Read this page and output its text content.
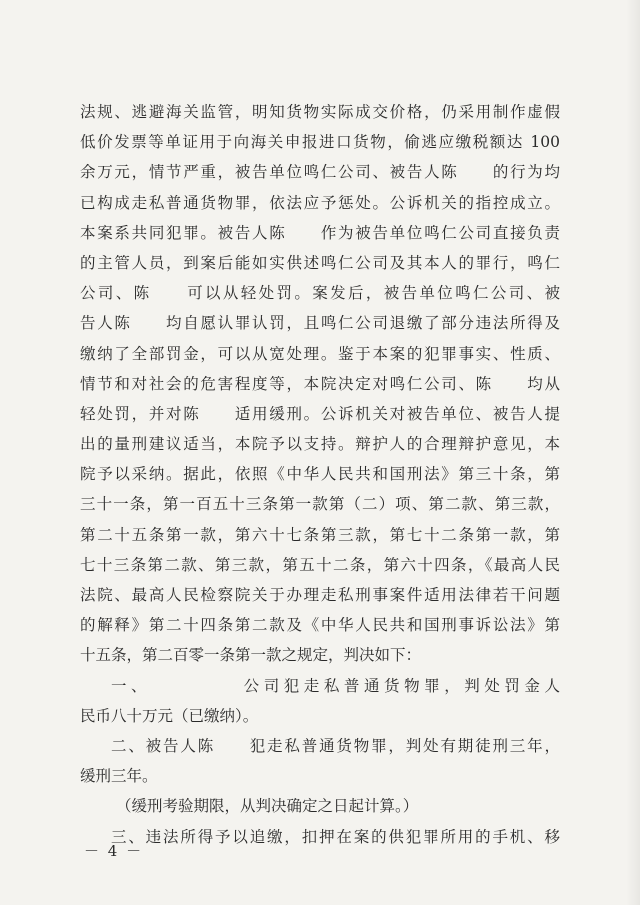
法规、逃避海关监管，明知货物实际成交价格，仍采用制作虚假
低价发票等单证用于向海关申报进口货物，偷逃应缴税额达 100
余万元，情节严重，被告单位鸣仁公司、被告人陈　　的行为均
已构成走私普通货物罪，依法应予惩处。公诉机关的指控成立。
本案系共同犯罪。被告人陈　　作为被告单位鸣仁公司直接负责
的主管人员，到案后能如实供述鸣仁公司及其本人的罪行，鸣仁
公司、陈　　可以从轻处罚。案发后，被告单位鸣仁公司、被
告人陈　　均自愿认罪认罚，且鸣仁公司退缴了部分违法所得及
缴纳了全部罚金，可以从宽处理。鉴于本案的犯罪事实、性质、
情节和对社会的危害程度等，本院决定对鸣仁公司、陈　　均从
轻处罚，并对陈　　适用缓刑。公诉机关对被告单位、被告人提
出的量刑建议适当，本院予以支持。辩护人的合理辩护意见，本
院予以采纳。据此，依照《中华人民共和国刑法》第三十条，第
三十一条，第一百五十三条第一款第（二）项、第二款、第三款，
第二十五条第一款，第六十七条第三款，第七十二条第一款，第
七十三条第二款、第三款，第五十二条，第六十四条，《最高人民
法院、最高人民检察院关于办理走私刑事案件适用法律若干问题
的解释》第二十四条第二款及《中华人民共和国刑事诉讼法》第
十五条，第二百零一条第一款之规定，判决如下：
一、　　　　　公司犯走私普通货物罪，判处罚金人
民币八十万元（已缴纳）。
二、被告人陈　　犯走私普通货物罪，判处有期徒刑三年，
缓刑三年。
（缓刑考验期限，从判决确定之日起计算。）
三、违法所得予以追缴，扣押在案的供犯罪所用的手机、移
－ 4 －
